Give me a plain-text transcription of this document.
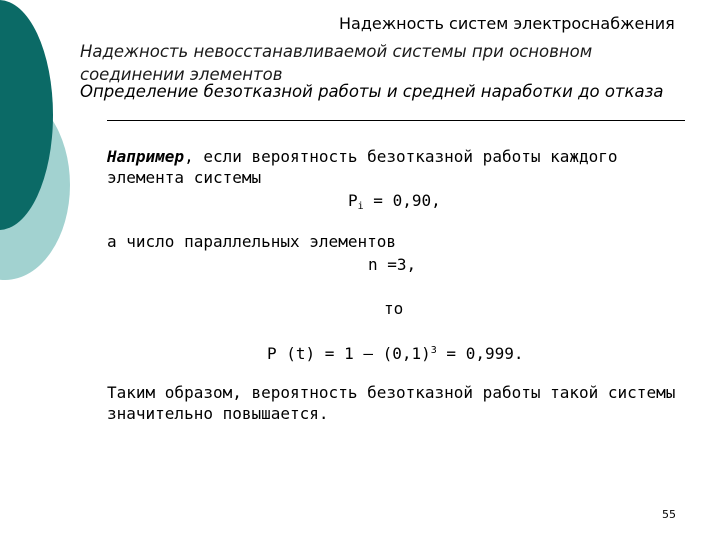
Надежность систем электроснабжения
Надежность невосстанавливаемой системы при основном соединении элементов
Определение безотказной работы и средней наработки до отказа
Например, если вероятность безотказной работы каждого элемента системы
$P_i = 0,90$,
а число параллельных элементов
n =3,
то
P (t) = 1 — $(0,1)^3 = 0,999$.
Таким образом, вероятность безотказной работы такой системы значительно повышается.
55
